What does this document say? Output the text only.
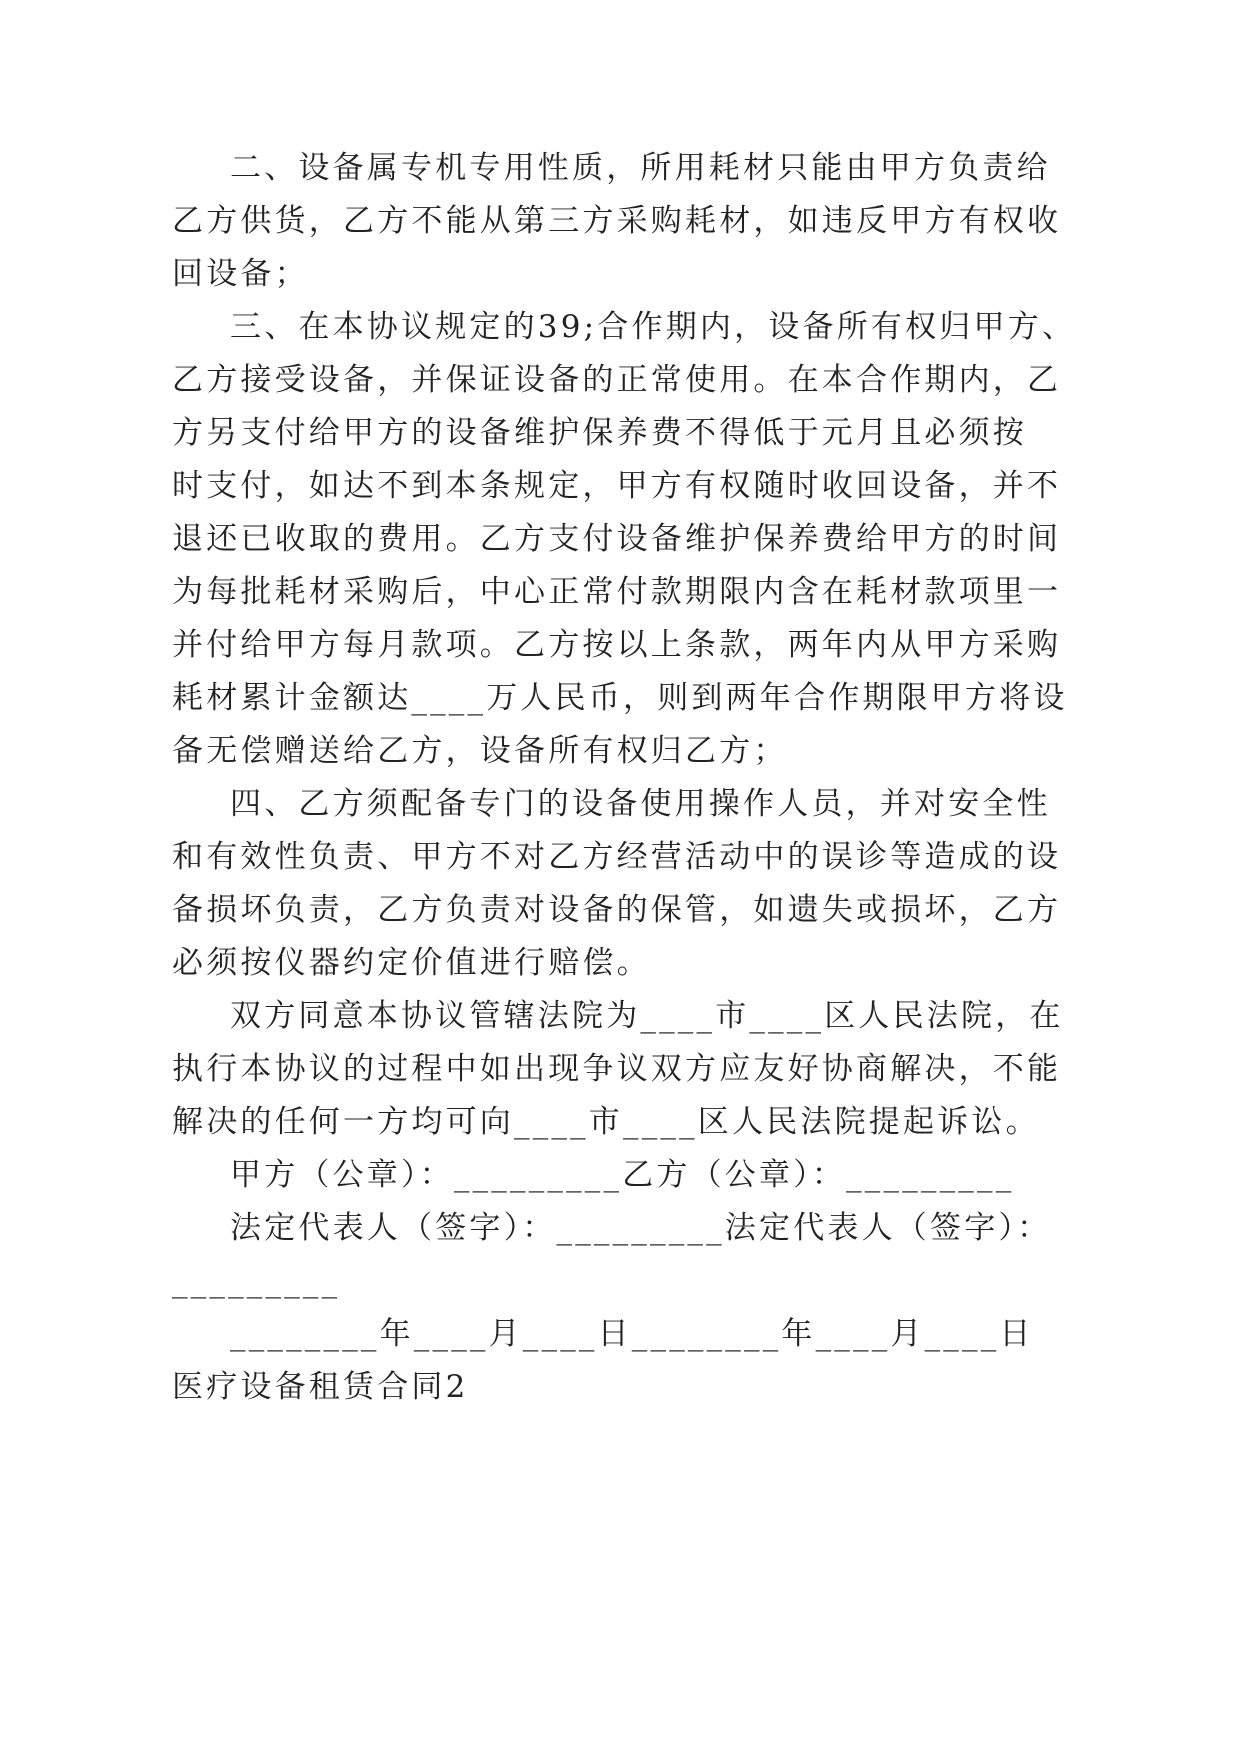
二、设备属专机专用性质，所用耗材只能由甲方负责给
乙方供货，乙方不能从第三方采购耗材，如违反甲方有权收
回设备；
三、在本协议规定的39;合作期内，设备所有权归甲方、
乙方接受设备，并保证设备的正常使用。在本合作期内，乙
方另支付给甲方的设备维护保养费不得低于元月且必须按
时支付，如达不到本条规定，甲方有权随时收回设备，并不
退还已收取的费用。乙方支付设备维护保养费给甲方的时间
为每批耗材采购后，中心正常付款期限内含在耗材款项里一
并付给甲方每月款项。乙方按以上条款，两年内从甲方采购
耗材累计金额达____万人民币，则到两年合作期限甲方将设
备无偿赠送给乙方，设备所有权归乙方；
四、乙方须配备专门的设备使用操作人员，并对安全性
和有效性负责、甲方不对乙方经营活动中的误诊等造成的设
备损坏负责，乙方负责对设备的保管，如遗失或损坏，乙方
必须按仪器约定价值进行赔偿。
双方同意本协议管辖法院为____市____区人民法院，在
执行本协议的过程中如出现争议双方应友好协商解决，不能
解决的任何一方均可向____市____区人民法院提起诉讼。
甲方（公章）：_________乙方（公章）：_________
法定代表人（签字）：_________法定代表人（签字）：
_________
________年____月____日________年____月____日
医疗设备租赁合同2
